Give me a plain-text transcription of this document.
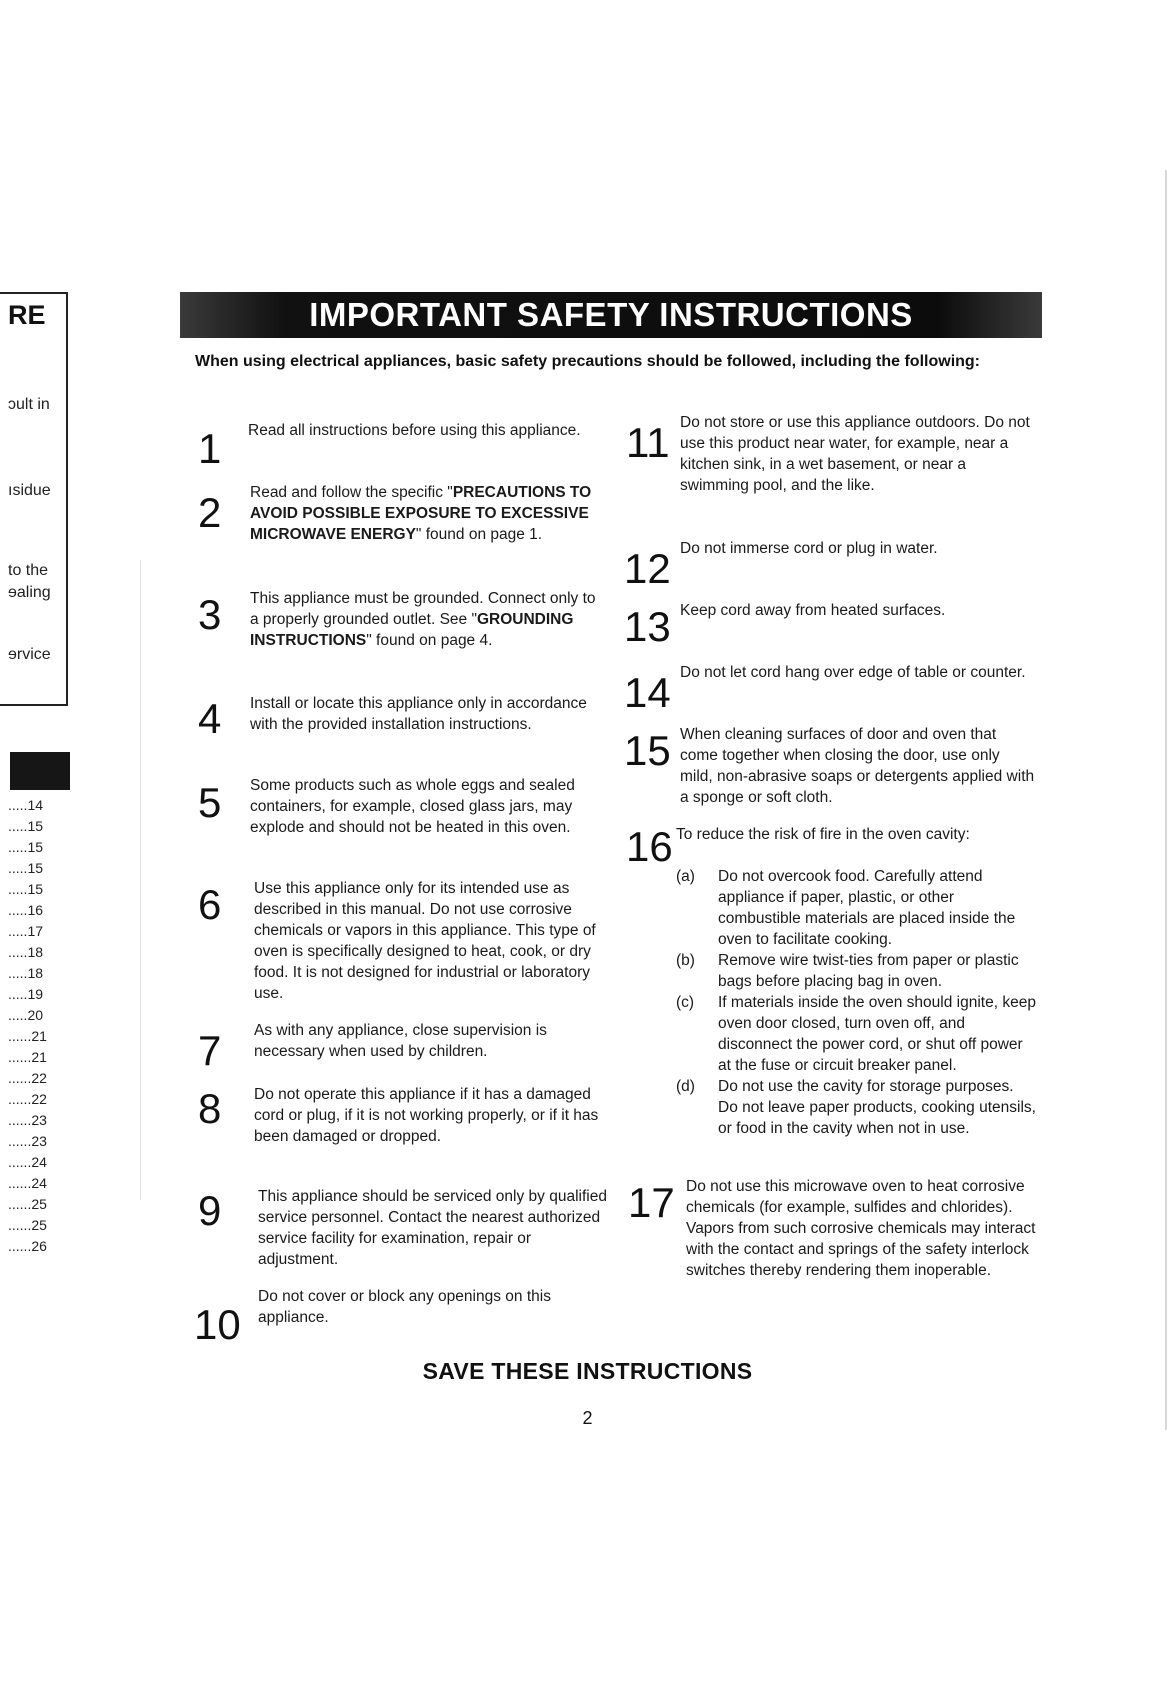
RE
ɔult in
ısidue
to the
ɘaling
ɘrvice
.....14
.....15
.....15
.....15
.....15
.....16
.....17
.....18
.....18
.....19
.....20
......21
......21
......22
......22
......23
......23
......24
......24
......25
......25
......26
IMPORTANT SAFETY INSTRUCTIONS
When using electrical appliances, basic safety precautions should be followed, including the following:
1 Read all instructions before using this appliance.
2 Read and follow the specific "PRECAUTIONS TO AVOID POSSIBLE EXPOSURE TO EXCESSIVE MICROWAVE ENERGY" found on page 1.
3 This appliance must be grounded. Connect only to a properly grounded outlet. See "GROUNDING INSTRUCTIONS" found on page 4.
4 Install or locate this appliance only in accordance with the provided installation instructions.
5 Some products such as whole eggs and sealed containers, for example, closed glass jars, may explode and should not be heated in this oven.
6 Use this appliance only for its intended use as described in this manual. Do not use corrosive chemicals or vapors in this appliance. This type of oven is specifically designed to heat, cook, or dry food. It is not designed for industrial or laboratory use.
7 As with any appliance, close supervision is necessary when used by children.
8 Do not operate this appliance if it has a damaged cord or plug, if it is not working properly, or if it has been damaged or dropped.
9 This appliance should be serviced only by qualified service personnel. Contact the nearest authorized service facility for examination, repair or adjustment.
10
Do not cover or block any openings on this appliance.
11 Do not store or use this appliance outdoors. Do not use this product near water, for example, near a kitchen sink, in a wet basement, or near a swimming pool, and the like.
12 Do not immerse cord or plug in water.
13 Keep cord away from heated surfaces.
14 Do not let cord hang over edge of table or counter.
15 When cleaning surfaces of door and oven that come together when closing the door, use only mild, non-abrasive soaps or detergents applied with a sponge or soft cloth.
16 To reduce the risk of fire in the oven cavity:
(a) Do not overcook food. Carefully attend appliance if paper, plastic, or other combustible materials are placed inside the oven to facilitate cooking.
(b) Remove wire twist-ties from paper or plastic bags before placing bag in oven.
(c) If materials inside the oven should ignite, keep oven door closed, turn oven off, and disconnect the power cord, or shut off power at the fuse or circuit breaker panel.
(d) Do not use the cavity for storage purposes. Do not leave paper products, cooking utensils, or food in the cavity when not in use.
17 Do not use this microwave oven to heat corrosive chemicals (for example, sulfides and chlorides). Vapors from such corrosive chemicals may interact with the contact and springs of the safety interlock switches thereby rendering them inoperable.
SAVE THESE INSTRUCTIONS
2
